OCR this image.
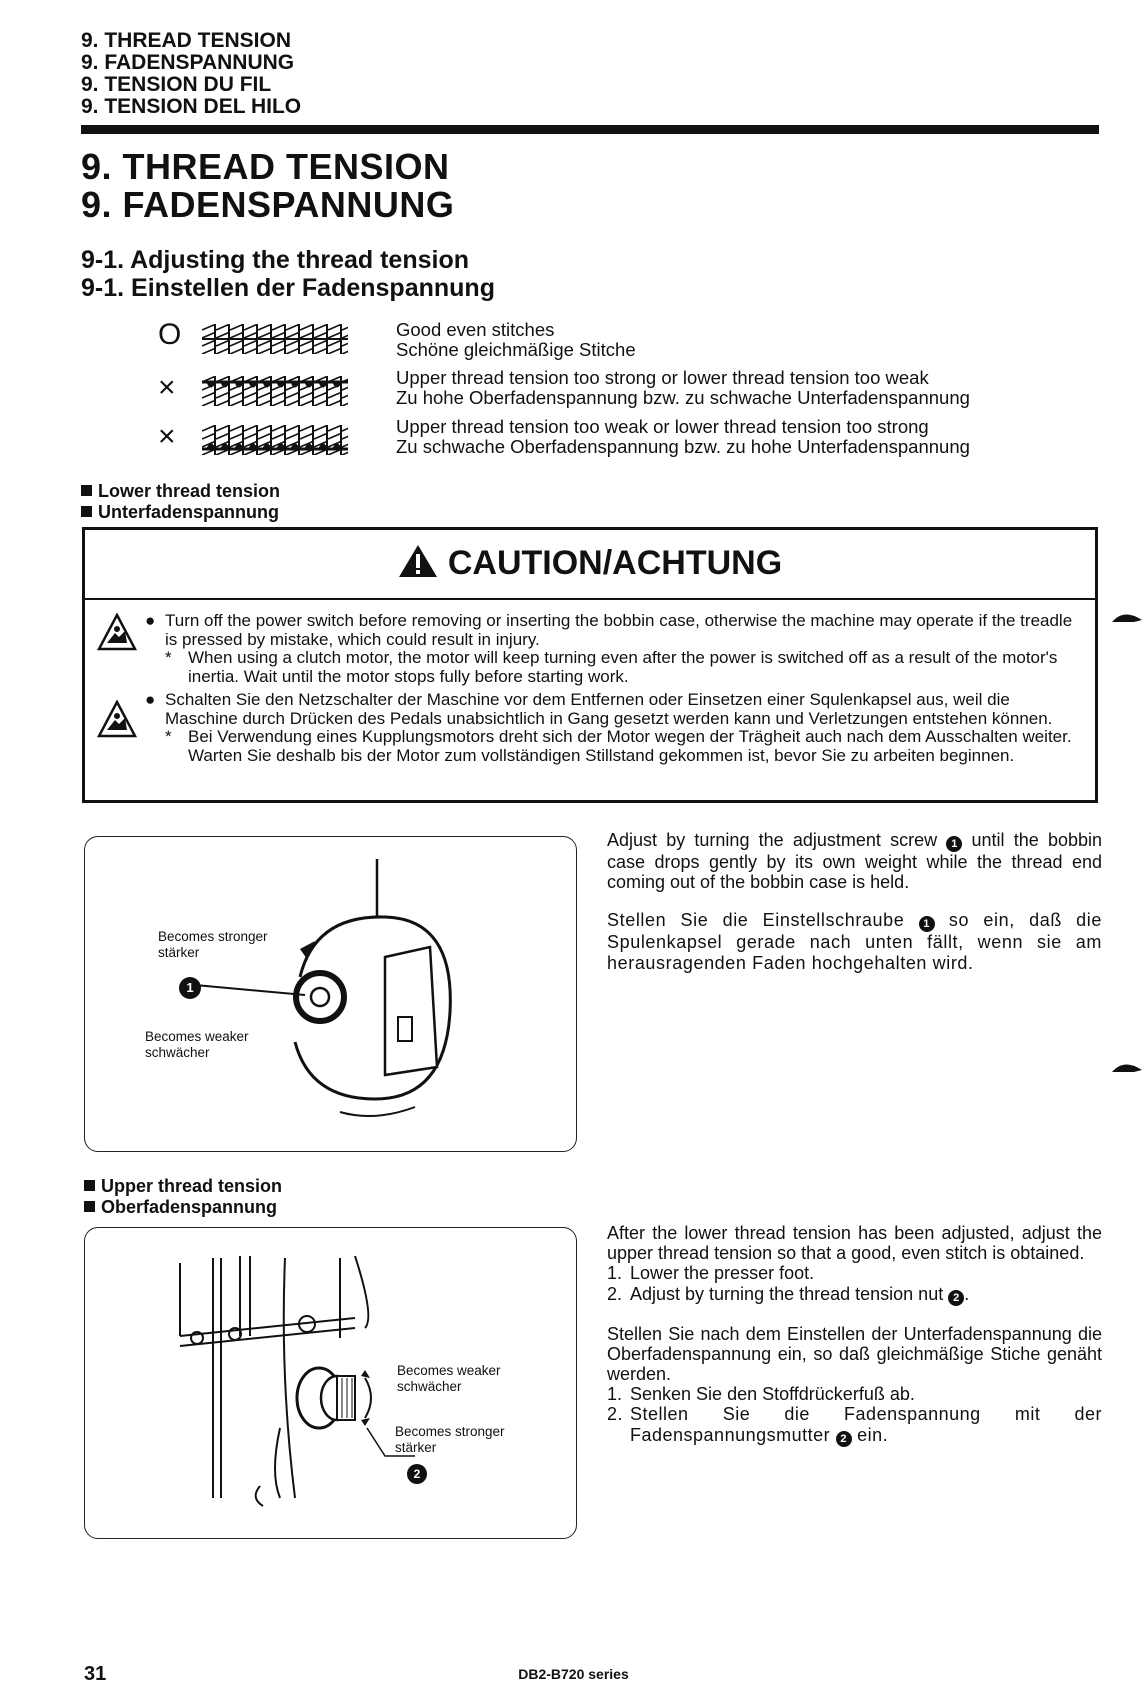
9. THREAD TENSION
9. FADENSPANNUNG
9. TENSION DU FIL
9. TENSION DEL HILO
9. THREAD TENSION
9. FADENSPANNUNG
9-1. Adjusting the thread tension
9-1. Einstellen der Fadenspannung
O	Good even stitches
Schöne gleichmäßige Stitche
×	Upper thread tension too strong or lower thread tension too weak
Zu hohe Oberfadenspannung bzw. zu schwache Unterfadenspannung
×	Upper thread tension too weak or lower thread tension too strong
Zu schwache Oberfadenspannung bzw. zu hohe Unterfadenspannung
Lower thread tension
Unterfadenspannung
CAUTION/ACHTUNG
● Turn off the power switch before removing or inserting the bobbin case, otherwise the machine may operate if the treadle is pressed by mistake, which could result in injury.
* When using a clutch motor, the motor will keep turning even after the power is switched off as a result of the motor's inertia. Wait until the motor stops fully before starting work.
● Schalten Sie den Netzschalter der Maschine vor dem Entfernen oder Einsetzen einer Squlenkapsel aus, weil die Maschine durch Drücken des Pedals unabsichtlich in Gang gesetzt werden kann und Verletzungen entstehen können.
* Bei Verwendung eines Kupplungsmotors dreht sich der Motor wegen der Trägheit auch nach dem Ausschalten weiter. Warten Sie deshalb bis der Motor zum vollständigen Stillstand gekommen ist, bevor Sie zu arbeiten beginnen.
Becomes stronger
stärker
1
Becomes weaker
schwächer

Adjust by turning the adjustment screw 1 until the bobbin case drops gently by its own weight while the thread end coming out of the bobbin case is held.

Stellen Sie die Einstellschraube 1 so ein, daß die Spulenkapsel gerade nach unten fällt, wenn sie am herausragenden Faden hochgehalten wird.

Upper thread tension
Oberfadenspannung
Becomes weaker
schwächer
Becomes stronger
stärker
2
After the lower thread tension has been adjusted, adjust the upper thread tension so that a good, even stitch is obtained.
1. Lower the presser foot.
2. Adjust by turning the thread tension nut 2 .
Stellen Sie nach dem Einstellen der Unterfadenspannung die Oberfadenspannung ein, so daß gleichmäßige Stiche genäht werden.
1. Senken Sie den Stoffdrückerfuß ab.
2. Stellen Sie die Fadenspannung mit der Fadenspannungsmutter 2 ein.
31	DB2-B720 series
